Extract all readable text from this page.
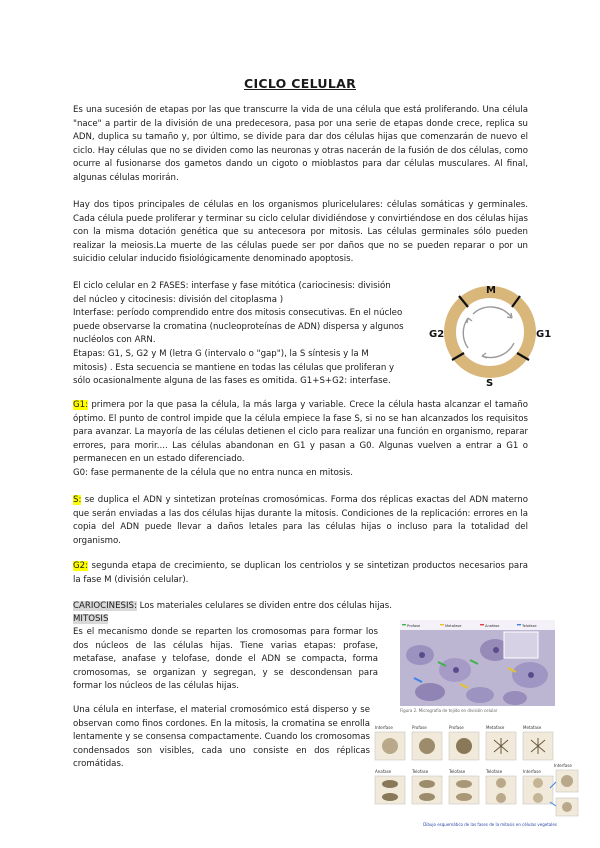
CICLO CELULAR
Es una sucesión de etapas por las que transcurre la vida de una célula que está proliferando. Una célula "nace" a partir de la división de una predecesora, pasa por una serie de etapas donde crece, replica su ADN, duplica su tamaño y, por último, se divide para dar dos células hijas que comenzarán de nuevo el ciclo. Hay células que no se dividen como las neuronas y otras nacerán de la fusión de dos células, como ocurre al fusionarse dos gametos dando un cigoto o mioblastos para dar células musculares. Al final, algunas células morirán.
Hay dos tipos principales de células en los organismos pluricelulares: células somáticas y germinales. Cada célula puede proliferar y terminar su ciclo celular dividiéndose y convirtiéndose en dos células hijas con la misma dotación genética que su antecesora por mitosis. Las células germinales sólo pueden realizar la meiosis.La muerte de las células puede ser por daños que no se pueden reparar o por un suicidio celular inducido fisiológicamente denominado apoptosis.
El ciclo celular en 2 FASES: interfase y fase mitótica (cariocinesis: división
del núcleo y citocinesis: división del citoplasma )
Interfase: período comprendido entre dos mitosis consecutivas. En el núcleo
puede observarse la cromatina (nucleoproteínas de ADN) dispersa y algunos
nucléolos con ARN.
Etapas: G1, S, G2 y M (letra G (intervalo o "gap"), la S síntesis y la M
mitosis) . Esta secuencia se mantiene en todas las células que proliferan y
sólo ocasionalmente alguna de las fases es omitida. G1+S+G2: interfase.
M
G1
G2
S
G1: primera por la que pasa la célula, la más larga y variable. Crece la célula hasta alcanzar el tamaño óptimo. El punto de control impide que la célula empiece la fase S, si no se han alcanzados los requisitos para avanzar. La mayoría de las células detienen el ciclo para realizar una función en organismo, reparar errores, para morir.... Las células abandonan en G1 y pasan a G0. Algunas vuelven a entrar a G1 o permanecen en un estado diferenciado.
G0: fase permanente de la célula que no entra nunca en mitosis.
S: se duplica el ADN y sintetizan proteínas cromosómicas. Forma dos réplicas exactas del ADN materno que serán enviadas a las dos células hijas durante la mitosis. Condiciones de la replicación: errores en la copia del ADN puede llevar a daños letales para las células hijas o incluso para la totalidad del organismo.
G2: segunda etapa de crecimiento, se duplican los centriolos y se sintetizan productos necesarios para la fase M (división celular).
CARIOCINESIS: Los materiales celulares se dividen entre dos células hijas.
MITOSIS
Es el mecanismo donde se reparten los cromosomas para formar los dos núcleos de las células hijas. Tiene varias etapas: profase, metafase, anafase y telofase, donde el ADN se compacta, forma cromosomas, se organizan y segregan, y se descondensan para formar los núcleos de las células hijas.
Una célula en interfase, el material cromosómico está disperso y se observan como finos cordones. En la mitosis, la cromatina se enrolla lentamente y se consensa compactamente. Cuando los cromosomas condensados son visibles, cada uno consiste en dos réplicas cromátidas.
Profase	Metafase	Anafase	Telofase
Figura 2. Micrografía de tejido en división celular
Interfase	Profase	Profase	Metafase	Metafase
Anafase	Telofase	Telofase	Telofase	Interfase
Interfase
Dibujo esquemático de las fases de la mitosis en células vegetales
